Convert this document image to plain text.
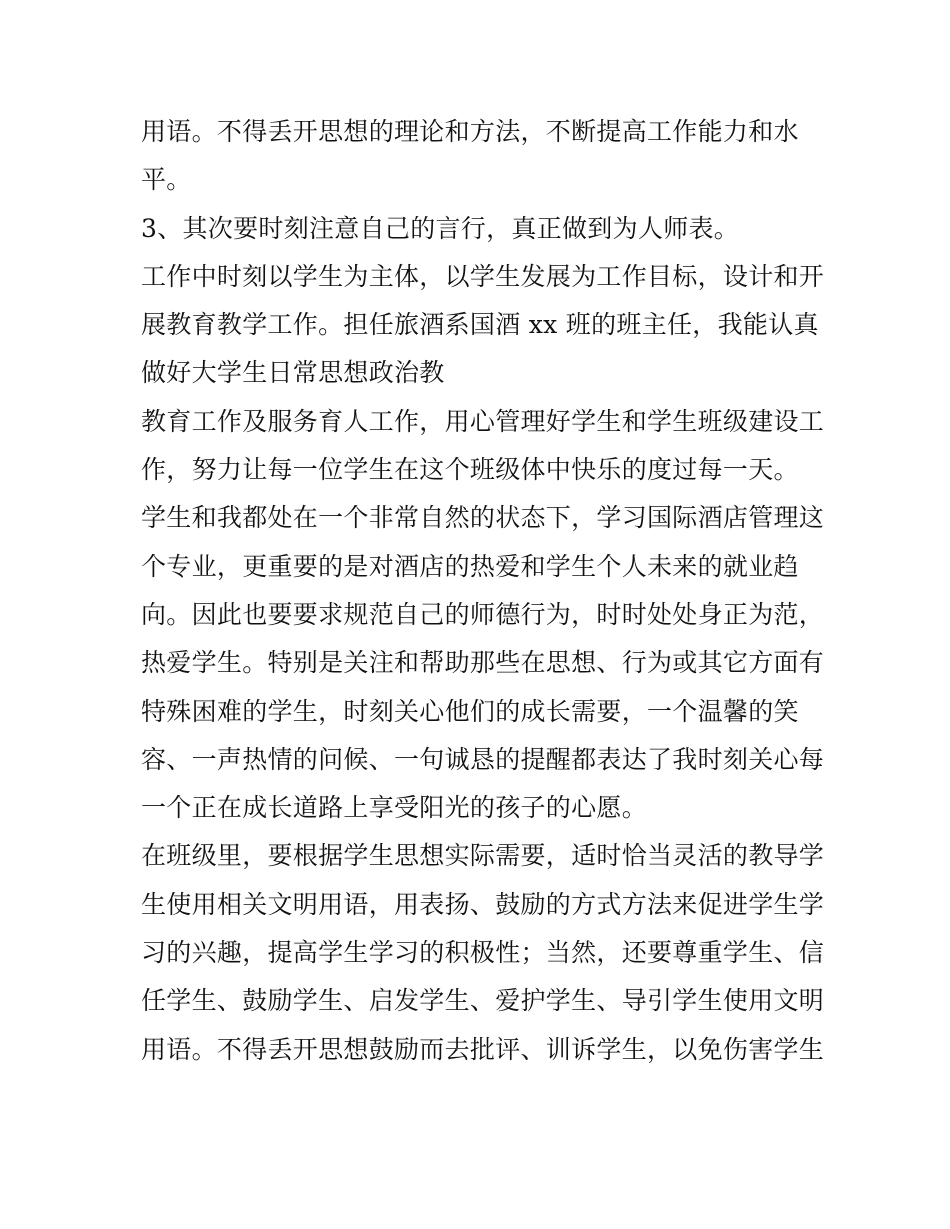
用语。不得丢开思想的理论和方法，不断提高工作能力和水
平。
3、其次要时刻注意自己的言行，真正做到为人师表。
工作中时刻以学生为主体，以学生发展为工作目标，设计和开
展教育教学工作。担任旅酒系国酒 xx 班的班主任，我能认真
做好大学生日常思想政治教
教育工作及服务育人工作，用心管理好学生和学生班级建设工
作，努力让每一位学生在这个班级体中快乐的度过每一天。
学生和我都处在一个非常自然的状态下，学习国际酒店管理这
个专业，更重要的是对酒店的热爱和学生个人未来的就业趋
向。因此也要要求规范自己的师德行为，时时处处身正为范，
热爱学生。特别是关注和帮助那些在思想、行为或其它方面有
特殊困难的学生，时刻关心他们的成长需要，一个温馨的笑
容、一声热情的问候、一句诚恳的提醒都表达了我时刻关心每
一个正在成长道路上享受阳光的孩子的心愿。
在班级里，要根据学生思想实际需要，适时恰当灵活的教导学
生使用相关文明用语，用表扬、鼓励的方式方法来促进学生学
习的兴趣，提高学生学习的积极性；当然，还要尊重学生、信
任学生、鼓励学生、启发学生、爱护学生、导引学生使用文明
用语。不得丢开思想鼓励而去批评、训诉学生，以免伤害学生
